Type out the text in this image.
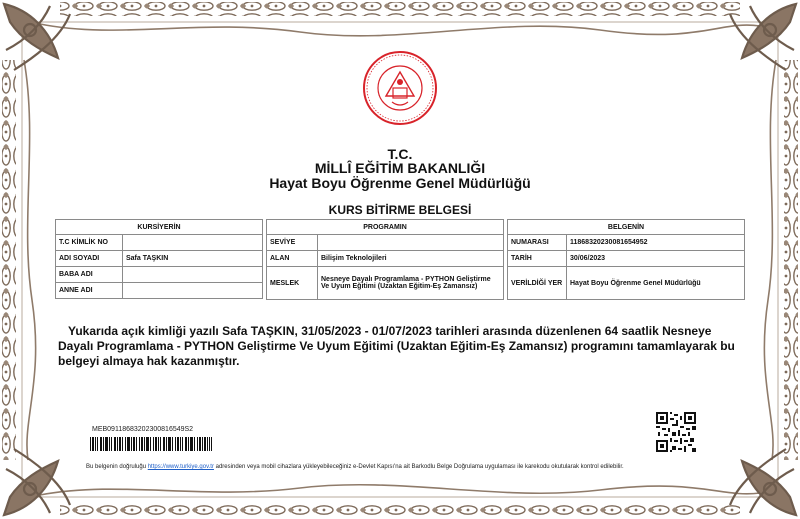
T.C.
MİLLÎ EĞİTİM BAKANLIĞI
Hayat Boyu Öğrenme Genel Müdürlüğü
KURS BİTİRME BELGESİ
KURSİYERİN	
T.C KİMLİK NO	
ADI SOYADI	Safa TAŞKIN
BABA ADI	
ANNE ADI	
PROGRAMIN	
SEVİYE	
ALAN	Bilişim Teknolojileri
MESLEK	Nesneye Dayalı Programlama - PYTHON Geliştirme Ve Uyum Eğitimi (Uzaktan Eğitim-Eş Zamansız)
BELGENİN	
NUMARASI	11868320230081654952
TARİH	30/06/2023
VERİLDİĞİ YER	Hayat Boyu Öğrenme Genel Müdürlüğü
Yukarıda açık kimliği yazılı Safa TAŞKIN, 31/05/2023 - 01/07/2023 tarihleri arasında düzenlenen 64 saatlik Nesneye Dayalı Programlama - PYTHON Geliştirme Ve Uyum Eğitimi (Uzaktan Eğitim-Eş Zamansız) programını tamamlayarak bu belgeyi almaya hak kazanmıştır.
MEB09118683202300816549S2
Bu belgenin doğruluğu https://www.turkiye.gov.tr adresinden veya mobil cihazlara yükleyebileceğiniz e-Devlet Kapısı'na ait Barkodlu Belge Doğrulama uygulaması ile karekodu okutularak kontrol edilebilir.
